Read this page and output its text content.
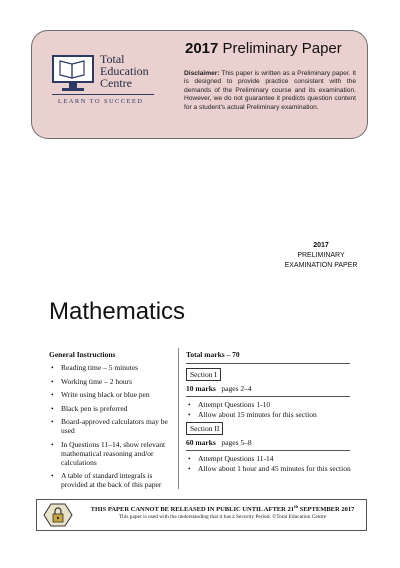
Total
Education
Centre
LEARN TO SUCCEED
2017 Preliminary Paper
Disclaimer: This paper is written as a Preliminary paper. It is designed to provide practice consistent with the demands of the Preliminary course and its examination. However, we do not guarantee it predicts question content for a student's actual Preliminary examination.
2017
PRELIMINARY
EXAMINATION PAPER
Mathematics
General Instructions
• Reading time – 5 minutes
• Working time – 2 hours
• Write using black or blue pen
• Black pen is preferred
• Board-approved calculators may be used
• In Questions 11–14, show relevant mathematical reasoning and/or calculations
• A table of standard integrals is provided at the back of this paper
Total marks – 70
Section I
10 marks pages 2–4
• Attempt Questions 1-10
• Allow about 15 minutes for this section
Section II
60 marks pages 5–8
• Attempt Questions 11-14
• Allow about 1 hour and 45 minutes for this section
THIS PAPER CANNOT BE RELEASED IN PUBLIC UNTIL AFTER 21th SEPTEMBER 2017
This paper is used with the understanding that it has a Security Period. ©Total Education Centre
